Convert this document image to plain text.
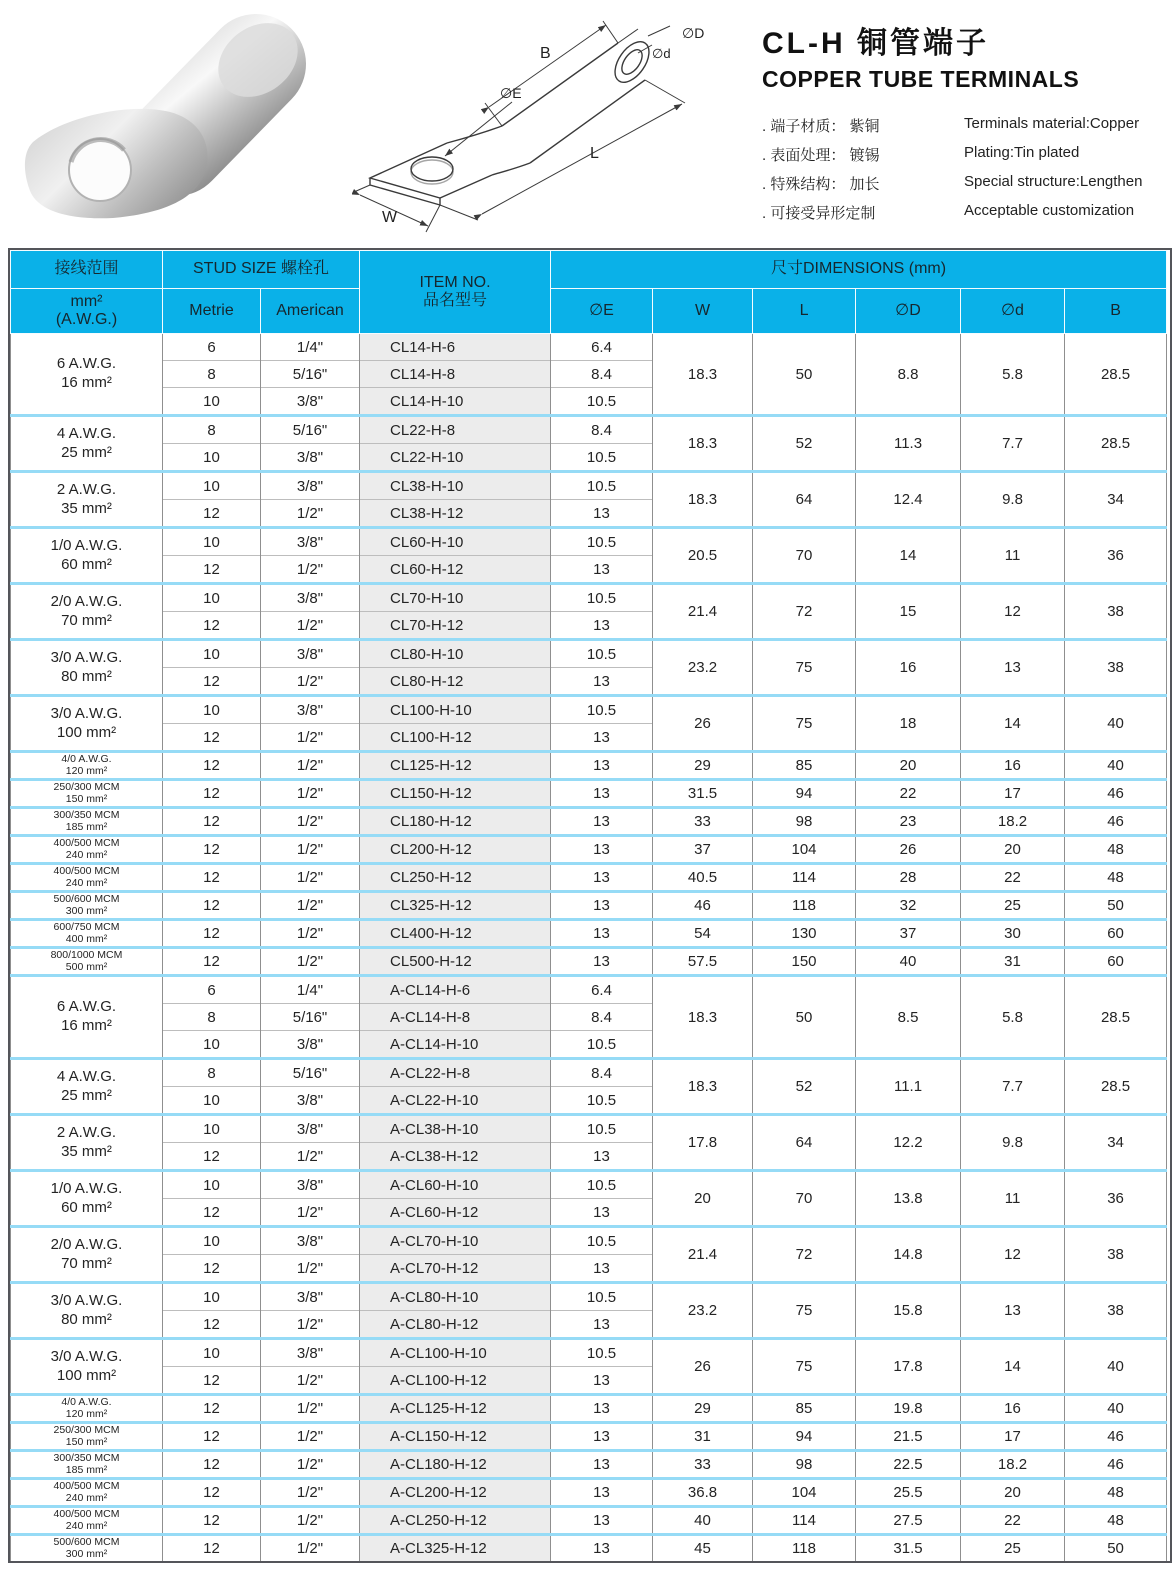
B	∅d
∅D
∅E
L
W
CL-H 铜管端子
COPPER TUBE TERMINALS
. 端子材质： 紫铜	Terminals material:Copper
. 表面处理： 镀锡	Plating:Tin plated
. 特殊结构： 加长	Special structure:Lengthen
. 可接受异形定制	Acceptable customization
接线范围	STUD SIZE 螺栓孔		ITEM NO.
品名型号	尺寸DIMENSIONS (mm)					

mm²
(A.W.G.)	Metrie	American		∅E	W	L	∅D	∅d	B

6 A.W.G.
16 mm²	6	1/4"	CL14-H-6	6.4	18.3	50	8.8	5.8	28.5
	8	5/16"	CL14-H-8	8.4					
	10	3/8"	CL14-H-10	10.5					

4 A.W.G.
25 mm²	8	5/16"	CL22-H-8	8.4	18.3	52	11.3	7.7	28.5
	10	3/8"	CL22-H-10	10.5					

2 A.W.G.
35 mm²	10	3/8"	CL38-H-10	10.5	18.3	64	12.4	9.8	34
	12	1/2"	CL38-H-12	13					

1/0 A.W.G.
60 mm²	10	3/8"	CL60-H-10	10.5	20.5	70	14	11	36
	12	1/2"	CL60-H-12	13					

2/0 A.W.G.
70 mm²	10	3/8"	CL70-H-10	10.5	21.4	72	15	12	38
	12	1/2"	CL70-H-12	13					

3/0 A.W.G.
80 mm²	10	3/8"	CL80-H-10	10.5	23.2	75	16	13	38
	12	1/2"	CL80-H-12	13					

3/0 A.W.G.
100 mm²	10	3/8"	CL100-H-10	10.5	26	75	18	14	40
	12	1/2"	CL100-H-12	13					

4/0 A.W.G.
120 mm²	12	1/2"	CL125-H-12	13	29	85	20	16	40

250/300 MCM
150 mm²	12	1/2"	CL150-H-12	13	31.5	94	22	17	46

300/350 MCM
185 mm²	12	1/2"	CL180-H-12	13	33	98	23	18.2	46

400/500 MCM
240 mm²	12	1/2"	CL200-H-12	13	37	104	26	20	48

400/500 MCM
240 mm²	12	1/2"	CL250-H-12	13	40.5	114	28	22	48

500/600 MCM
300 mm²	12	1/2"	CL325-H-12	13	46	118	32	25	50

600/750 MCM
400 mm²	12	1/2"	CL400-H-12	13	54	130	37	30	60

800/1000 MCM
500 mm²	12	1/2"	CL500-H-12	13	57.5	150	40	31	60

6 A.W.G.
16 mm²	6	1/4"	A-CL14-H-6	6.4	18.3	50	8.5	5.8	28.5
	8	5/16"	A-CL14-H-8	8.4					
	10	3/8"	A-CL14-H-10	10.5					

4 A.W.G.
25 mm²	8	5/16"	A-CL22-H-8	8.4	18.3	52	11.1	7.7	28.5
	10	3/8"	A-CL22-H-10	10.5					

2 A.W.G.
35 mm²	10	3/8"	A-CL38-H-10	10.5	17.8	64	12.2	9.8	34
	12	1/2"	A-CL38-H-12	13					

1/0 A.W.G.
60 mm²	10	3/8"	A-CL60-H-10	10.5	20	70	13.8	11	36
	12	1/2"	A-CL60-H-12	13					

2/0 A.W.G.
70 mm²	10	3/8"	A-CL70-H-10	10.5	21.4	72	14.8	12	38
	12	1/2"	A-CL70-H-12	13					

3/0 A.W.G.
80 mm²	10	3/8"	A-CL80-H-10	10.5	23.2	75	15.8	13	38
	12	1/2"	A-CL80-H-12	13					

3/0 A.W.G.
100 mm²	10	3/8"	A-CL100-H-10	10.5	26	75	17.8	14	40
	12	1/2"	A-CL100-H-12	13					

4/0 A.W.G.
120 mm²	12	1/2"	A-CL125-H-12	13	29	85	19.8	16	40

250/300 MCM
150 mm²	12	1/2"	A-CL150-H-12	13	31	94	21.5	17	46

300/350 MCM
185 mm²	12	1/2"	A-CL180-H-12	13	33	98	22.5	18.2	46

400/500 MCM
240 mm²	12	1/2"	A-CL200-H-12	13	36.8	104	25.5	20	48

400/500 MCM
240 mm²	12	1/2"	A-CL250-H-12	13	40	114	27.5	22	48

500/600 MCM
300 mm²	12	1/2"	A-CL325-H-12	13	45	118	31.5	25	50
